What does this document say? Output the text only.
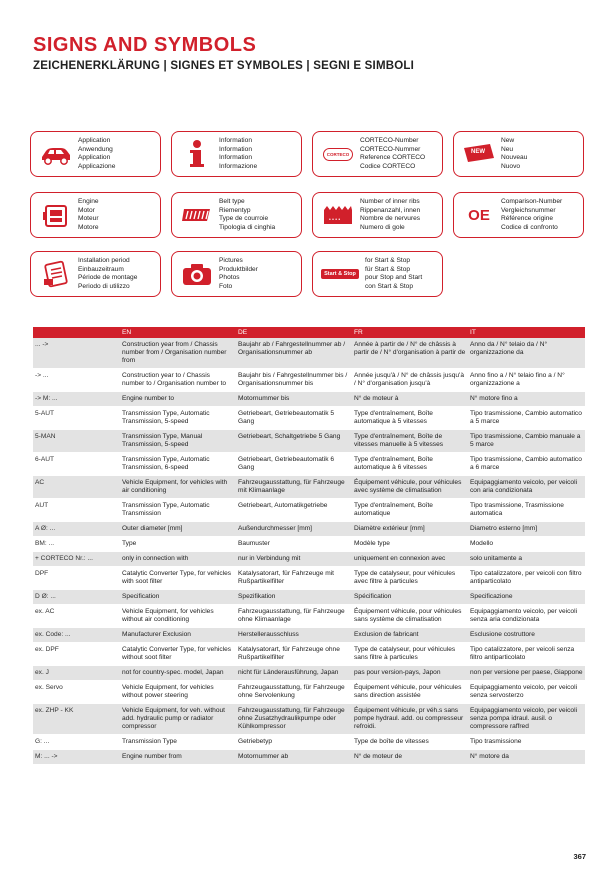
SIGNS AND SYMBOLS
ZEICHENERKLÄRUNG | SIGNES ET SYMBOLES | SEGNI E SIMBOLI
Application
Anwendung
Application
Applicazione
Information
Information
Information
Informazione
CORTECO
CORTECO-Number
CORTECO-Nummer
Reference CORTECO
Codice CORTECO
NEW
New
Neu
Nouveau
Nuovo
Engine
Motor
Moteur
Motore
Belt type
Riementyp
Type de courroie
Tipologia di cinghia
• • • •
Number of inner ribs
Rippenanzahl, innen
Nombre de nervures
Numero di gole
OE
Comparison-Number
Vergleichsnummer
Référence origine
Codice di confronto
Installation period
Einbauzeitraum
Période de montage
Periodo di utilizzo
Pictures
Produktbilder
Photos
Foto
Start & Stop
for Start & Stop
für Start & Stop
pour Stop and Start
con Start & Stop
	EN	DE	FR	IT
... ->	Construction year from / Chassis number from / Organisation number from	Baujahr ab / Fahrgestellnummer ab / Organisationsnummer ab	Année à partir de / N° de châssis à partir de / N° d'organisation à partir de	Anno da / N° telaio da / N° organizzazione da
-> ...	Construction year to / Chassis number to / Organisation number to	Baujahr bis / Fahrgestellnummer bis / Organisationsnummer bis	Année jusqu'à / N° de châssis jusqu'à / N° d'organisation jusqu'à	Anno fino a / N° telaio fino a / N° organizzazione a
-> M: ...	Engine number to	Motornummer bis	N° de moteur à	N° motore fino a
5-AUT	Transmission Type, Automatic Transmission, 5-speed	Getriebeart, Getriebeautomatik 5 Gang	Type d'entraînement, Boîte automatique à 5 vitesses	Tipo trasmissione, Cambio automatico a 5 marce
5-MAN	Transmission Type, Manual Transmission, 5-speed	Getriebeart, Schaltgetriebe 5 Gang	Type d'entraînement, Boîte de vitesses manuelle à 5 vitesses	Tipo trasmissione, Cambio manuale a 5 marce
6-AUT	Transmission Type, Automatic Transmission, 6-speed	Getriebeart, Getriebeautomatik 6 Gang	Type d'entraînement, Boîte automatique à 6 vitesses	Tipo trasmissione, Cambio automatico a 6 marce
AC	Vehicle Equipment, for vehicles with air conditioning	Fahrzeugausstattung, für Fahrzeuge mit Klimaanlage	Équipement véhicule, pour véhicules avec système de climatisation	Equipaggiamento veicolo, per veicoli con aria condizionata
AUT	Transmission Type, Automatic Transmission	Getriebeart, Automatikgetriebe	Type d'entraînement, Boîte automatique	Tipo trasmissione, Trasmissione automatica
A Ø: ...	Outer diameter [mm]	Außendurchmesser [mm]	Diamètre extérieur [mm]	Diametro esterno [mm]
BM: ...	Type	Baumuster	Modèle type	Modello
+ CORTECO Nr.: ...	only in connection with	nur in Verbindung mit	uniquement en connexion avec	solo unitamente a
DPF	Catalytic Converter Type, for vehicles with soot filter	Katalysatorart, für Fahrzeuge mit Rußpartikelfilter	Type de catalyseur, pour véhicules avec filtre à particules	Tipo catalizzatore, per veicoli con filtro antiparticolato
D Ø: ...	Specification	Spezifikation	Spécification	Specificazione
ex. AC	Vehicle Equipment, for vehicles without air conditioning	Fahrzeugausstattung, für Fahrzeuge ohne Klimaanlage	Équipement véhicule, pour véhicules sans système de climatisation	Equipaggiamento veicolo, per veicoli senza aria condizionata
ex. Code: ...	Manufacturer Exclusion	Herstellerausschluss	Exclusion de fabricant	Esclusione costruttore
ex. DPF	Catalytic Converter Type, for vehicles without soot filter	Katalysatorart, für Fahrzeuge ohne Rußpartikelfilter	Type de catalyseur, pour véhicules sans filtre à particules	Tipo catalizzatore, per veicoli senza filtro antiparticolato
ex. J	not for country-spec. model, Japan	nicht für Länderausführung, Japan	pas pour version-pays, Japon	non per versione per paese, Giappone
ex. Servo	Vehicle Equipment, for vehicles without power steering	Fahrzeugausstattung, für Fahrzeuge ohne Servolenkung	Équipement véhicule, pour véhicules sans direction assistée	Equipaggiamento veicolo, per veicoli senza servosterzo
ex. ZHP - KK	Vehicle Equipment, for veh. without add. hydraulic pump or radiator compressor	Fahrzeugausstattung, für Fahrzeuge ohne Zusatzhydraulikpumpe oder Kühlkompressor	Équipement véhicule, pr véh.s sans pompe hydraul. add. ou compresseur refroidi.	Equipaggiamento veicolo, per veicoli senza pompa idraul. ausil. o compressore raffred
G: ...	Transmission Type	Getriebetyp	Type de boîte de vitesses	Tipo trasmissione
M: ... ->	Engine number from	Motornummer ab	N° de moteur de	N° motore da
367
